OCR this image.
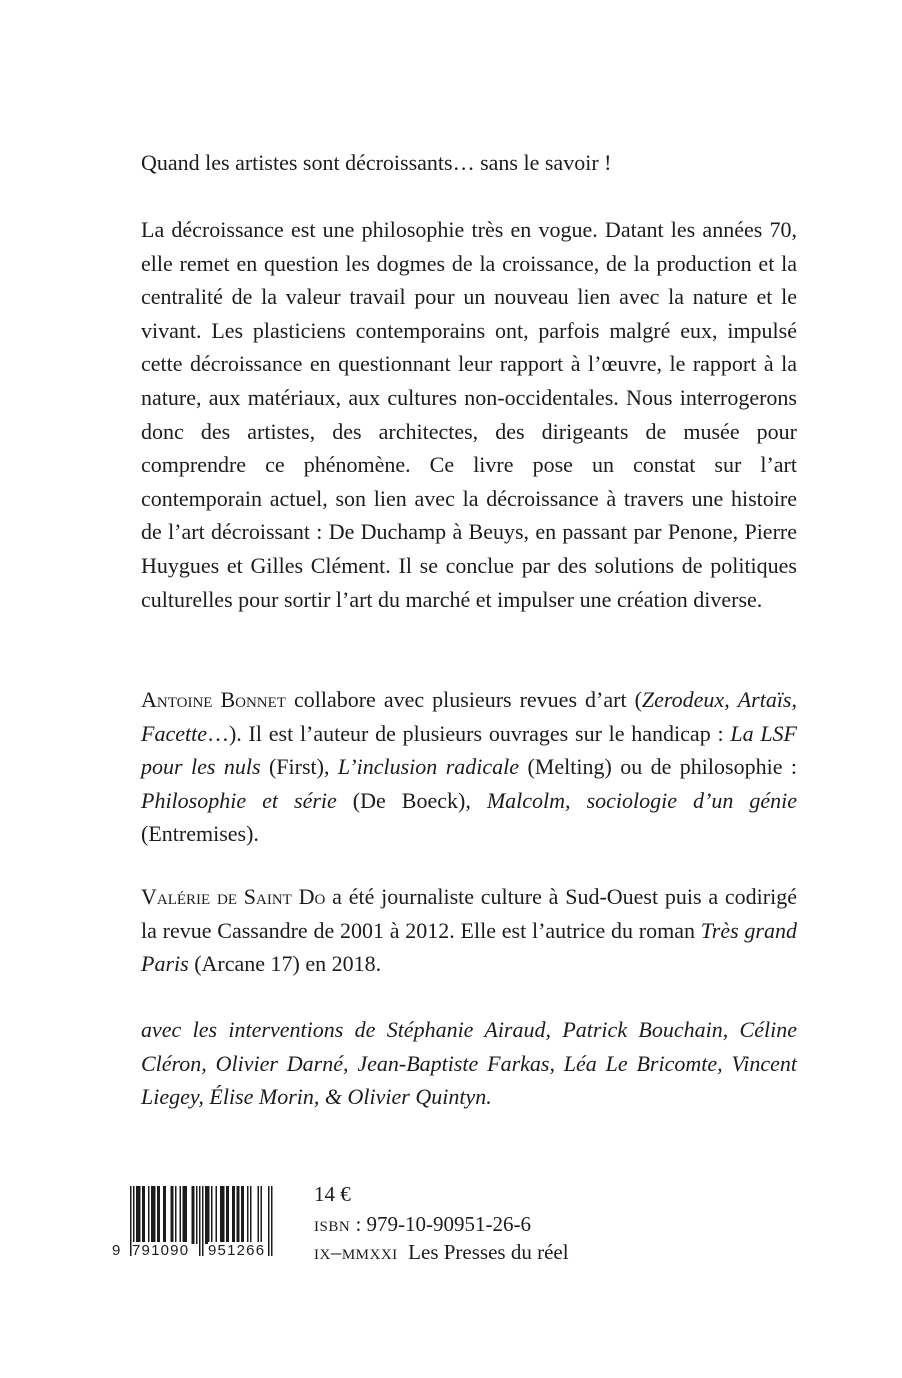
Quand les artistes sont décroissants… sans le savoir !

La décroissance est une philosophie très en vogue. Datant les années 70, elle remet en question les dogmes de la croissance, de la production et la centralité de la valeur travail pour un nouveau lien avec la nature et le vivant. Les plasticiens contemporains ont, parfois malgré eux, impulsé cette décroissance en questionnant leur rapport à l’œuvre, le rapport à la nature, aux matériaux, aux cultures non-occidentales. Nous interrogerons donc des artistes, des architectes, des dirigeants de musée pour comprendre ce phénomène. Ce livre pose un constat sur l’art contemporain actuel, son lien avec la décroissance à travers une histoire de l’art décroissant : De Duchamp à Beuys, en passant par Penone, Pierre Huygues et Gilles Clément. Il se conclue par des solutions de politiques culturelles pour sortir l’art du marché et impulser une création diverse.

Antoine Bonnet collabore avec plusieurs revues d’art (Zerodeux, Artaïs, Facette…). Il est l’auteur de plusieurs ouvrages sur le handicap : La LSF pour les nuls (First), L’inclusion radicale (Melting) ou de philosophie : Philosophie et série (De Boeck), Malcolm, sociologie d’un génie (Entremises).

Valérie de Saint Do a été journaliste culture à Sud-Ouest puis a codirigé la revue Cassandre de 2001 à 2012. Elle est l’autrice du roman Très grand Paris (Arcane 17) en 2018.

avec les interventions de Stéphanie Airaud, Patrick Bouchain, Céline Cléron, Olivier Darné, Jean-Baptiste Farkas, Léa Le Bricomte, Vincent Liegey, Élise Morin, & Olivier Quintyn.

9 791090 951266
14 €
isbn : 979-10-90951-26-6
ix–mmxxi Les Presses du réel
